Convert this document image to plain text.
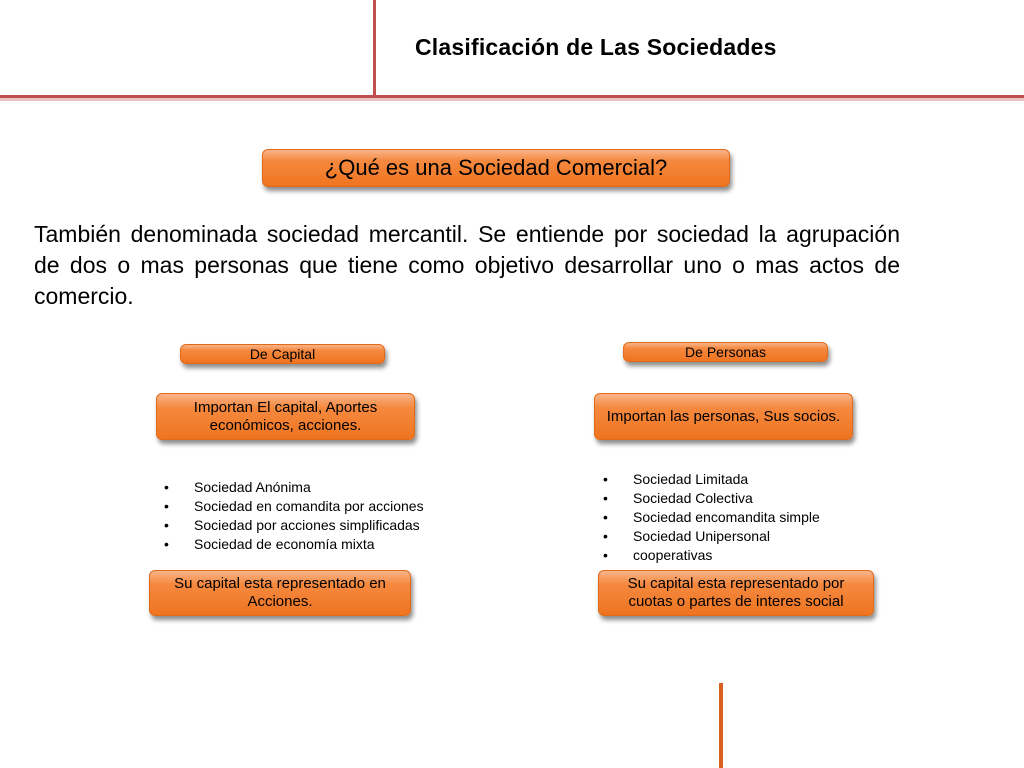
Clasificación de Las Sociedades
¿Qué es una Sociedad Comercial?
También denominada sociedad mercantil. Se entiende por sociedad la agrupación de dos o mas personas que tiene como objetivo desarrollar uno o mas actos de comercio.
De Capital
Importan El capital, Aportes económicos, acciones.
• Sociedad Anónima
• Sociedad en comandita por acciones
• Sociedad por acciones simplificadas
• Sociedad de economía mixta
Su capital esta representado en Acciones.
De Personas
Importan las personas, Sus socios.
• Sociedad Limitada
• Sociedad Colectiva
• Sociedad encomandita simple
• Sociedad Unipersonal
• cooperativas
Su capital esta representado por cuotas o partes de interes social
